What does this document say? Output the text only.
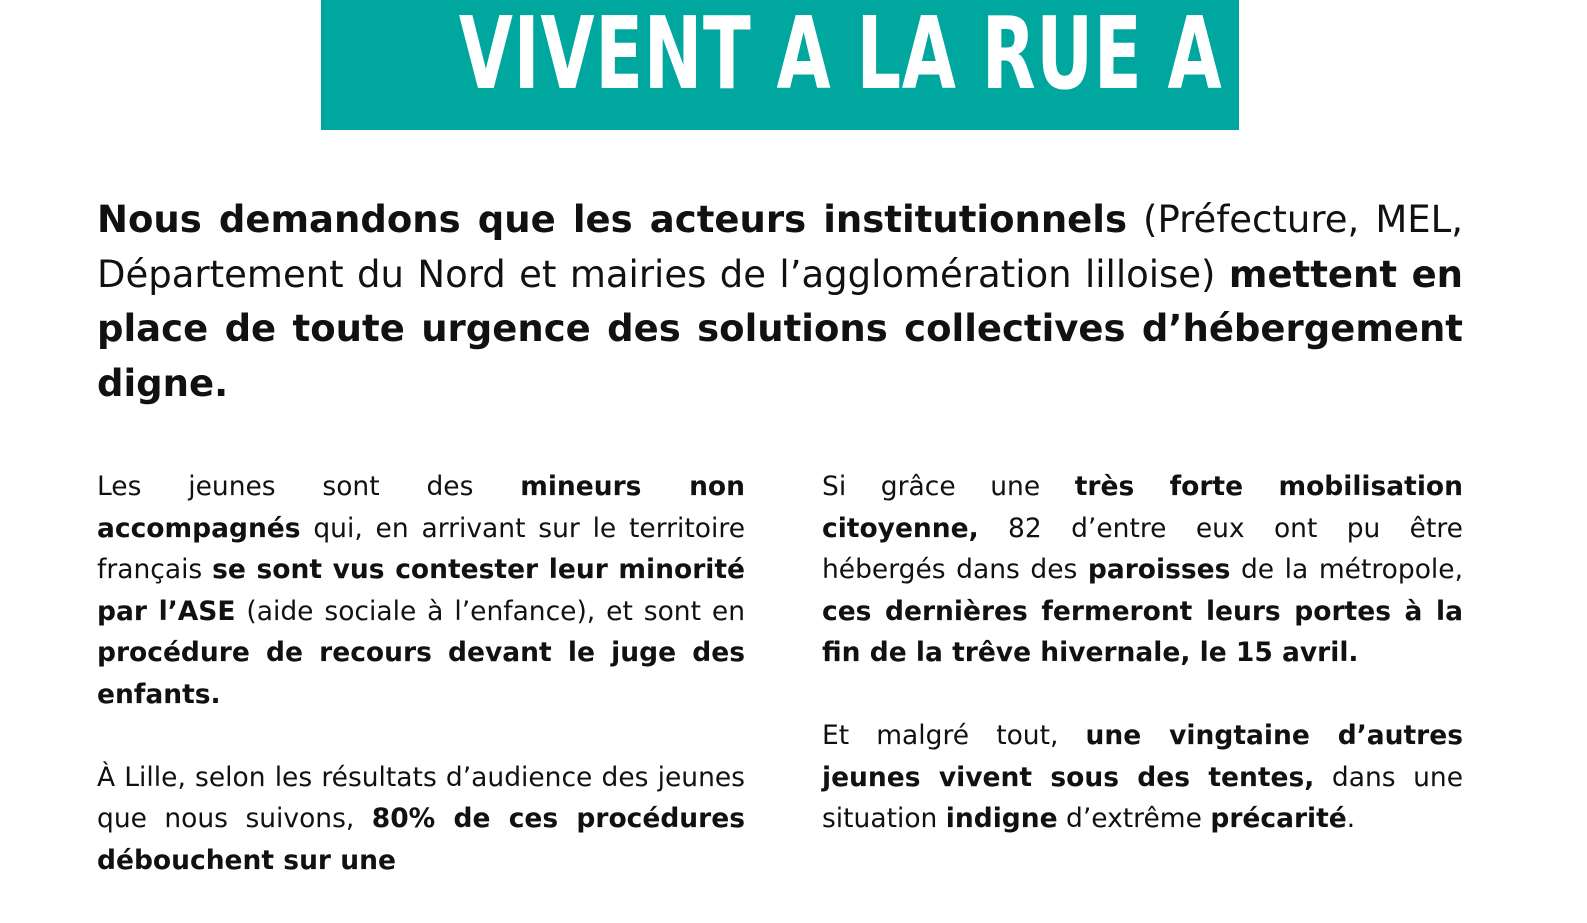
VIVENT A LA RUE A LILLE

Nous demandons que les acteurs institutionnels (Préfecture, MEL, Département du Nord et mairies de l’agglomération lilloise) mettent en place de toute urgence des solutions collectives d’hébergement digne.

Les jeunes sont des mineurs non accompagnés qui, en arrivant sur le territoire français se sont vus contester leur minorité par l’ASE (aide sociale à l’enfance), et sont en procédure de recours devant le juge des enfants.

À Lille, selon les résultats d’audience des jeunes que nous suivons, 80% de ces procédures débouchent sur une

Si grâce une très forte mobilisation citoyenne, 82 d’entre eux ont pu être hébergés dans des paroisses de la métropole, ces dernières fermeront leurs portes à la fin de la trêve hivernale, le 15 avril.

Et malgré tout, une vingtaine d’autres jeunes vivent sous des tentes, dans une situation indigne d’extrême précarité.
